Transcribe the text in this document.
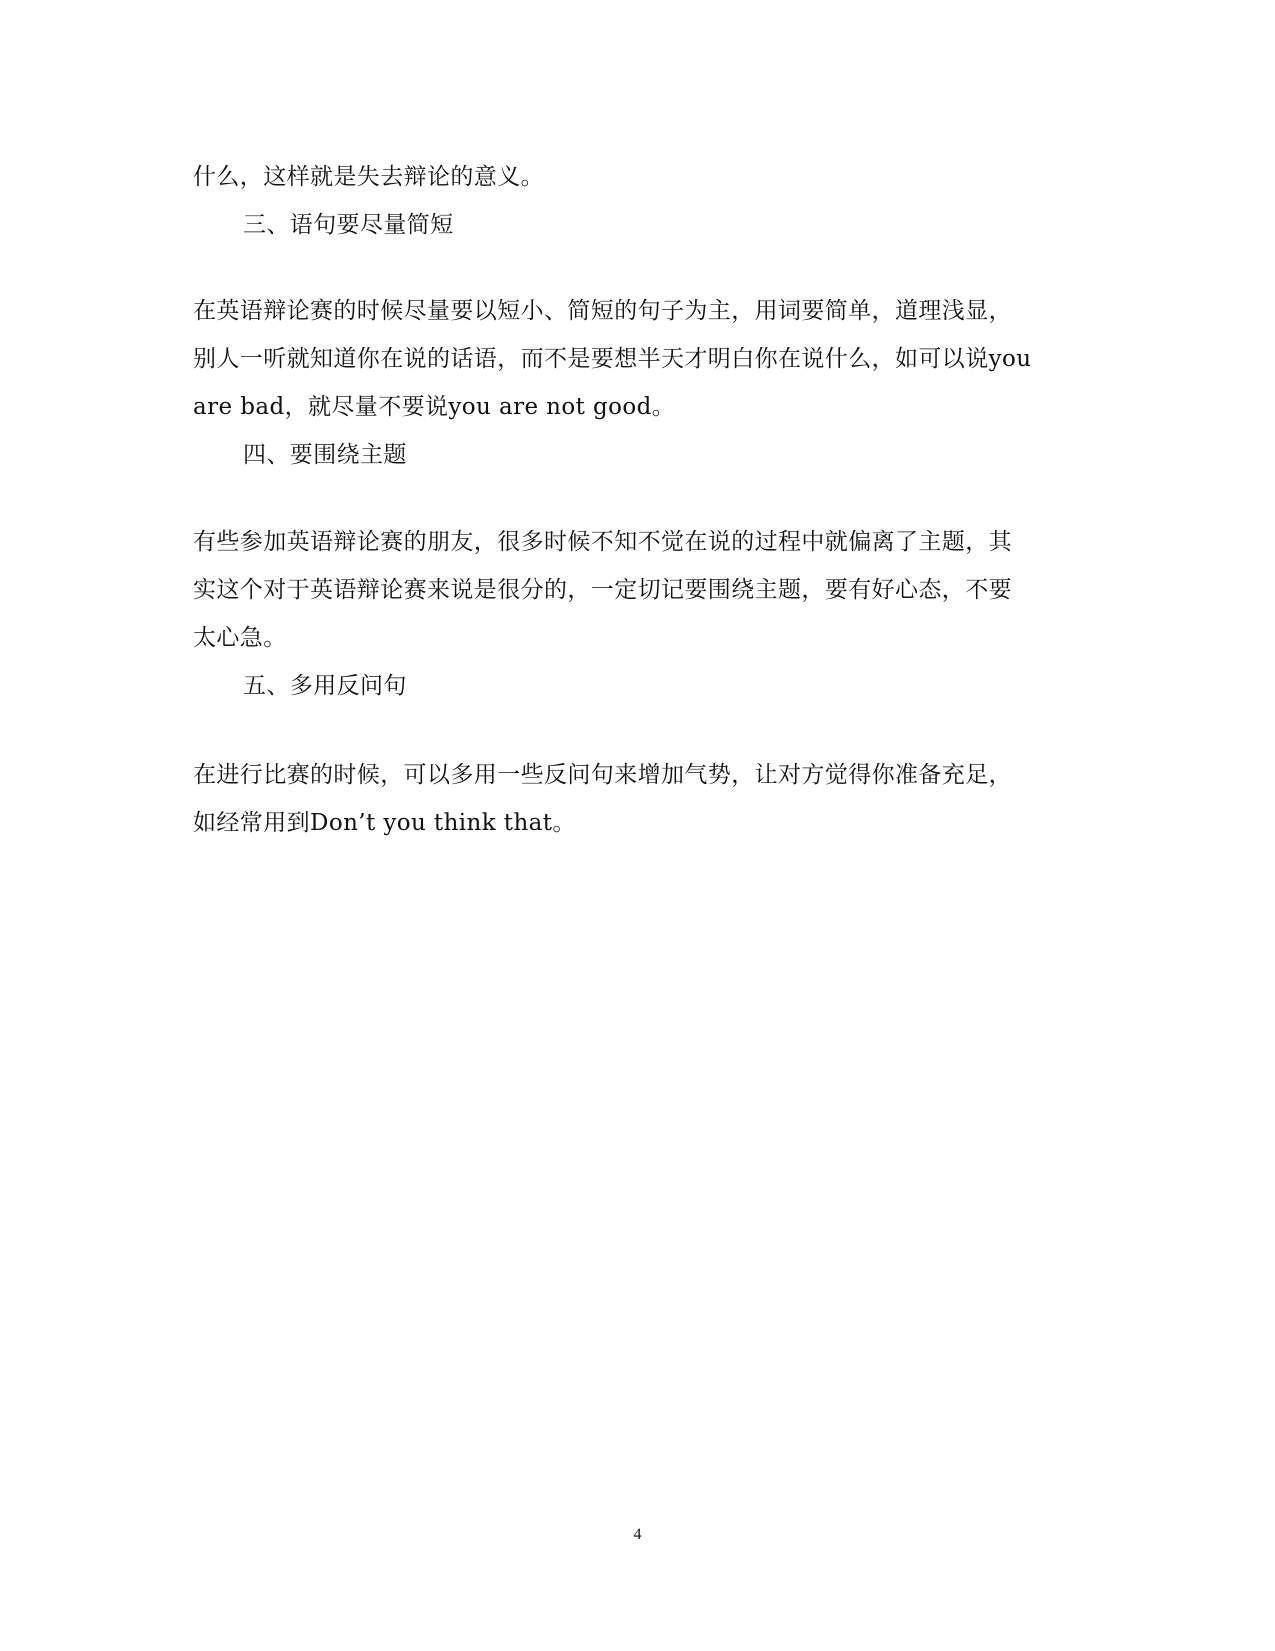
什么，这样就是失去辩论的意义。
三、语句要尽量简短
在英语辩论赛的时候尽量要以短小、简短的句子为主，用词要简单，道理浅显，
别人一听就知道你在说的话语，而不是要想半天才明白你在说什么，如可以说you
are bad，就尽量不要说you are not good。
四、要围绕主题
有些参加英语辩论赛的朋友，很多时候不知不觉在说的过程中就偏离了主题，其
实这个对于英语辩论赛来说是很分的，一定切记要围绕主题，要有好心态，不要
太心急。
五、多用反问句
在进行比赛的时候，可以多用一些反问句来增加气势，让对方觉得你准备充足，
如经常用到Don’t you think that。
4
